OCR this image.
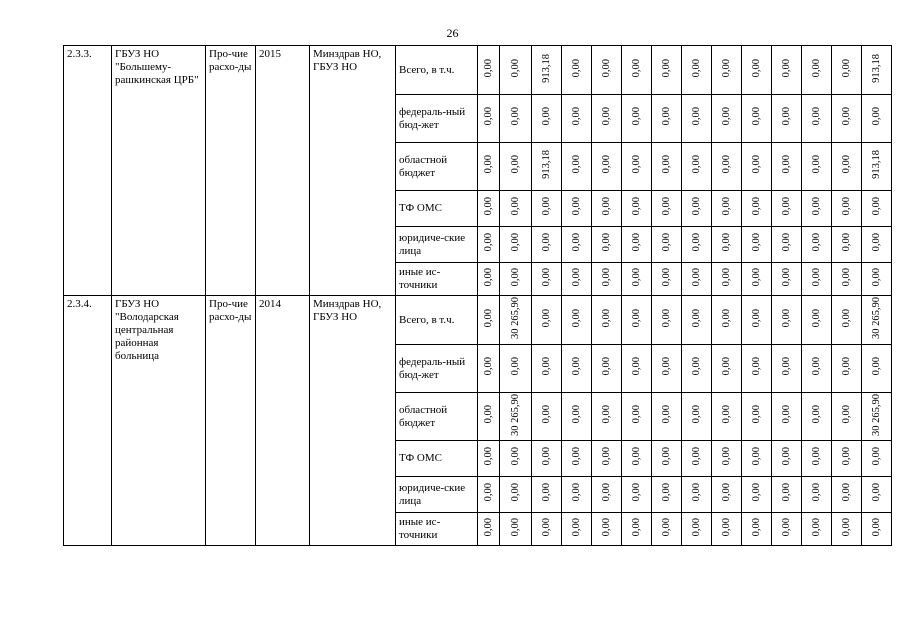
26
2.3.3.	ГБУЗ НО "Большему-рашкинская ЦРБ"	Про-чие расхо-ды	2015	Минздрав НО, ГБУЗ НО	Всего, в т.ч.	0,00	0,00	913,18	0,00	0,00	0,00	0,00	0,00	0,00	0,00	0,00	0,00	0,00	913,18
					федераль-ный бюд-жет	0,00	0,00	0,00	0,00	0,00	0,00	0,00	0,00	0,00	0,00	0,00	0,00	0,00	0,00
					областной бюджет	0,00	0,00	913,18	0,00	0,00	0,00	0,00	0,00	0,00	0,00	0,00	0,00	0,00	913,18
					ТФ ОМС	0,00	0,00	0,00	0,00	0,00	0,00	0,00	0,00	0,00	0,00	0,00	0,00	0,00	0,00
					юридиче-ские лица	0,00	0,00	0,00	0,00	0,00	0,00	0,00	0,00	0,00	0,00	0,00	0,00	0,00	0,00
					иные ис-точники	0,00	0,00	0,00	0,00	0,00	0,00	0,00	0,00	0,00	0,00	0,00	0,00	0,00	0,00
2.3.4.	ГБУЗ НО "Володарская центральная районная больница	Про-чие расхо-ды	2014	Минздрав НО, ГБУЗ НО	Всего, в т.ч.	0,00	30 265,90	0,00	0,00	0,00	0,00	0,00	0,00	0,00	0,00	0,00	0,00	0,00	30 265,90
					федераль-ный бюд-жет	0,00	0,00	0,00	0,00	0,00	0,00	0,00	0,00	0,00	0,00	0,00	0,00	0,00	0,00
					областной бюджет	0,00	30 265,90	0,00	0,00	0,00	0,00	0,00	0,00	0,00	0,00	0,00	0,00	0,00	30 265,90
					ТФ ОМС	0,00	0,00	0,00	0,00	0,00	0,00	0,00	0,00	0,00	0,00	0,00	0,00	0,00	0,00
					юридиче-ские лица	0,00	0,00	0,00	0,00	0,00	0,00	0,00	0,00	0,00	0,00	0,00	0,00	0,00	0,00
					иные ис-точники	0,00	0,00	0,00	0,00	0,00	0,00	0,00	0,00	0,00	0,00	0,00	0,00	0,00	0,00
